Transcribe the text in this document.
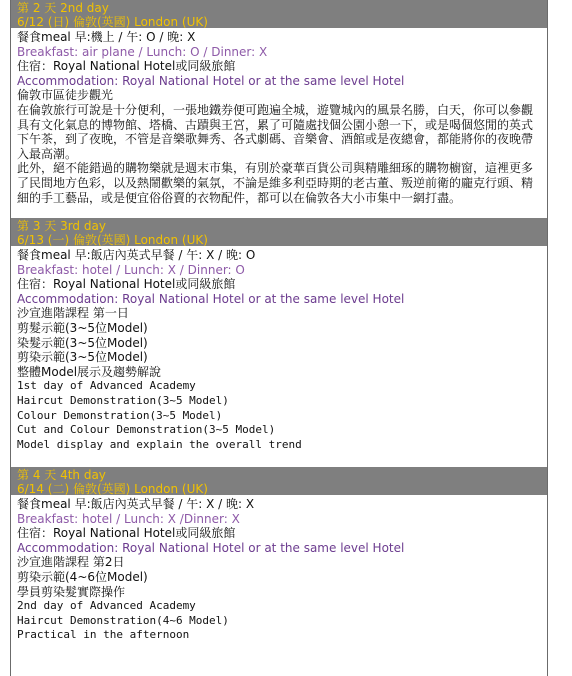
第 2 天 2nd day
6/12 (日) 倫敦(英國) London (UK)
餐食meal 早:機上 / 午: O / 晚: X
Breakfast: air plane / Lunch: O / Dinner: X
住宿：Royal National Hotel或同級旅館
Accommodation: Royal National Hotel or at the same level Hotel
倫敦市區徒步觀光
在倫敦旅行可說是十分便利，一張地鐵券便可跑遍全城，遊覽城內的風景名勝，白天，你可以參觀具有文化氣息的博物館、塔橋、古蹟與王宮，累了可隨處找個公園小憩一下，或是喝個悠閒的英式下午茶，到了夜晚，不管是音樂歌舞秀、各式劇碼、音樂會、酒館或是夜總會，都能將你的夜晚帶入最高潮。
此外，絕不能錯過的購物樂就是週末市集，有別於豪華百貨公司與精雕細琢的購物櫥窗，這裡更多了民間地方色彩，以及熱鬧歡樂的氣氛，不論是維多利亞時期的老古董、叛逆前衛的龐克行頭、精細的手工藝品，或是便宜俗俗賣的衣物配件，都可以在倫敦各大小市集中一網打盡。
第 3 天 3rd day
6/13 (一) 倫敦(英國) London (UK)
餐食meal 早:飯店內英式早餐 / 午: X / 晚: O
Breakfast: hotel / Lunch: X / Dinner: O
住宿：Royal National Hotel或同級旅館
Accommodation: Royal National Hotel or at the same level Hotel
沙宣進階課程 第一日
剪髮示範(3~5位Model)
染髮示範(3~5位Model)
剪染示範(3~5位Model)
整體Model展示及趨勢解說
1st day of Advanced Academy
Haircut Demonstration(3~5 Model)
Colour Demonstration(3~5 Model)
Cut and Colour Demonstration(3~5 Model)
Model display and explain the overall trend
第 4 天 4th day
6/14 (二) 倫敦(英國) London (UK)
餐食meal 早:飯店內英式早餐 / 午: X / 晚: X
Breakfast: hotel / Lunch: X /Dinner: X
住宿：Royal National Hotel或同級旅館
Accommodation: Royal National Hotel or at the same level Hotel
沙宣進階課程 第2日
剪染示範(4~6位Model)
學員剪染髮實際操作
2nd day of Advanced Academy
Haircut Demonstration(4~6 Model)
Practical in the afternoon
